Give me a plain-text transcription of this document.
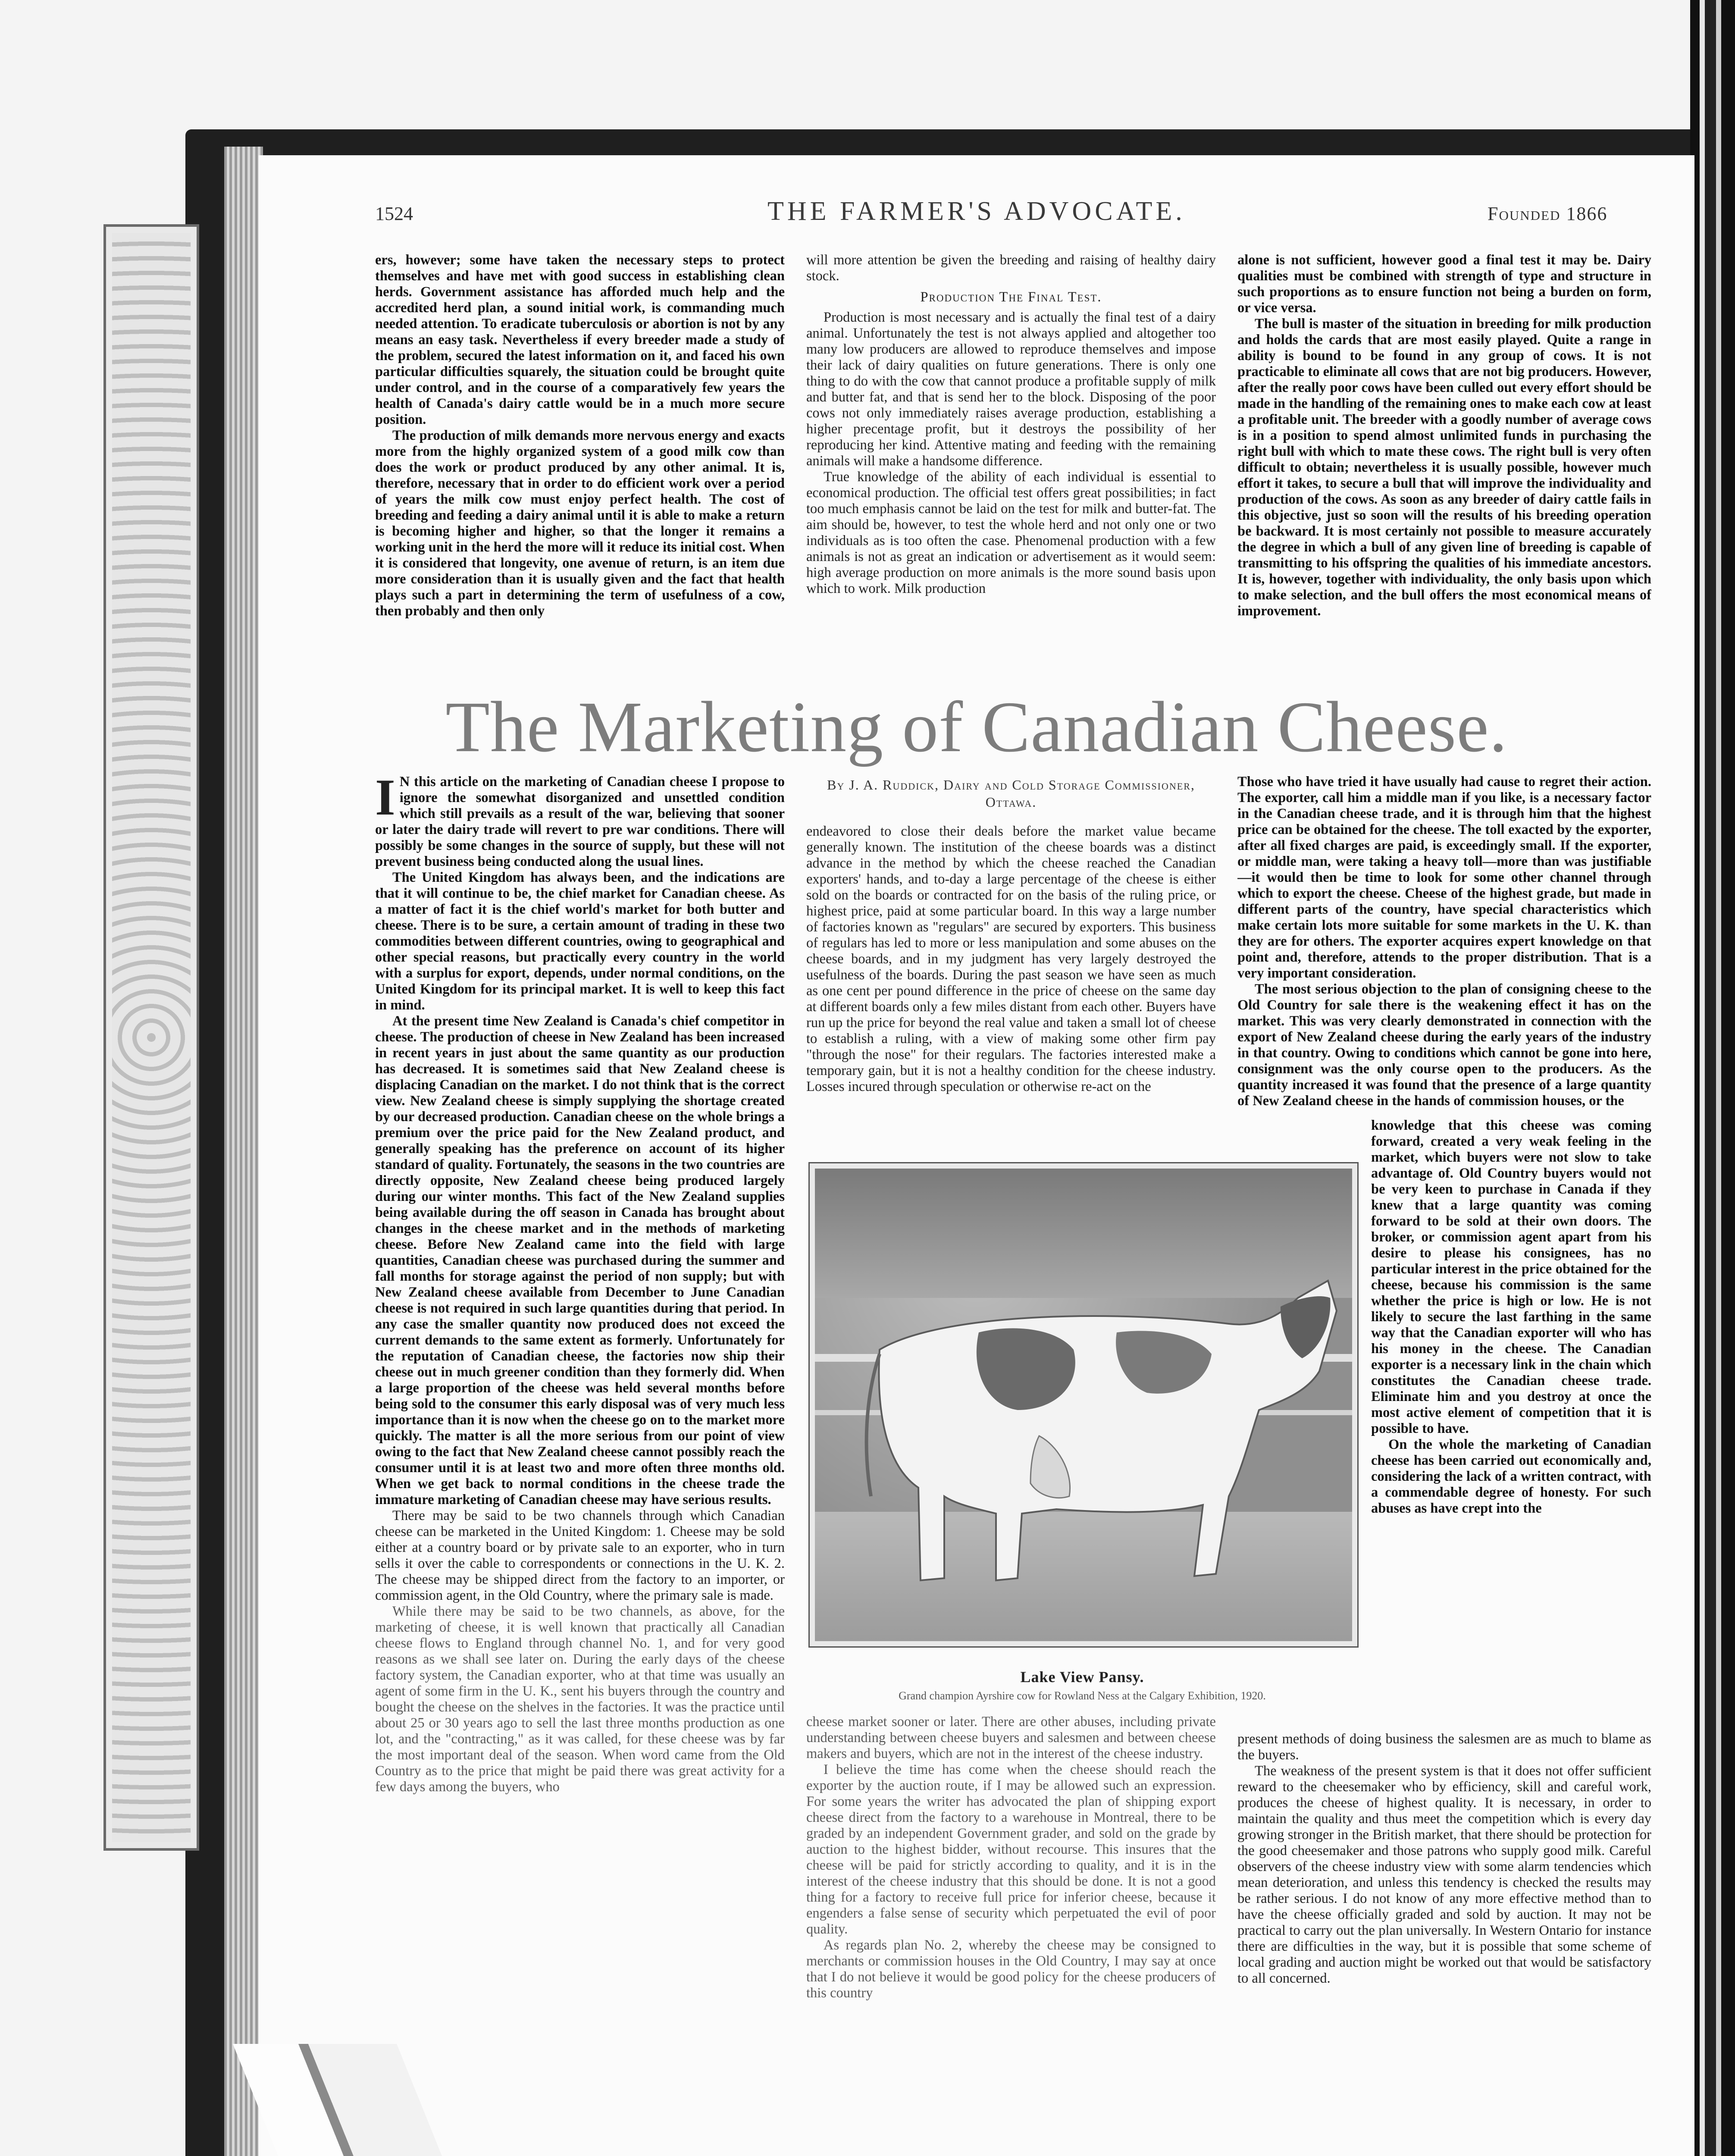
1524	THE FARMER'S ADVOCATE.	Founded 1866

ers, however; some have taken the necessary steps to protect themselves and have met with good success in establishing clean herds. Government assistance has afforded much help and the accredited herd plan, a sound initial work, is commanding much needed attention. To eradicate tuberculosis or abortion is not by any means an easy task. Nevertheless if every breeder made a study of the problem, secured the latest information on it, and faced his own particular difficulties squarely, the situation could be brought quite under control, and in the course of a comparatively few years the health of Canada's dairy cattle would be in a much more secure position.

The production of milk demands more nervous energy and exacts more from the highly organized system of a good milk cow than does the work or product produced by any other animal. It is, therefore, necessary that in order to do efficient work over a period of years the milk cow must enjoy perfect health. The cost of breeding and feeding a dairy animal until it is able to make a return is becoming higher and higher, so that the longer it remains a working unit in the herd the more will it reduce its initial cost. When it is considered that longevity, one avenue of return, is an item due more consideration than it is usually given and the fact that health plays such a part in determining the term of usefulness of a cow, then probably and then only

will more attention be given the breeding and raising of healthy dairy stock.

Production The Final Test.

Production is most necessary and is actually the final test of a dairy animal. Unfortunately the test is not always applied and altogether too many low producers are allowed to reproduce themselves and impose their lack of dairy qualities on future generations. There is only one thing to do with the cow that cannot produce a profitable supply of milk and butter fat, and that is send her to the block. Disposing of the poor cows not only immediately raises average production, establishing a higher precentage profit, but it destroys the possibility of her reproducing her kind. Attentive mating and feeding with the remaining animals will make a handsome difference.

True knowledge of the ability of each individual is essential to economical production. The official test offers great possibilities; in fact too much emphasis cannot be laid on the test for milk and butter-fat. The aim should be, however, to test the whole herd and not only one or two individuals as is too often the case. Phenomenal production with a few animals is not as great an indication or advertisement as it would seem: high average production on more animals is the more sound basis upon which to work. Milk production

alone is not sufficient, however good a final test it may be. Dairy qualities must be combined with strength of type and structure in such proportions as to ensure function not being a burden on form, or vice versa.

The bull is master of the situation in breeding for milk production and holds the cards that are most easily played. Quite a range in ability is bound to be found in any group of cows. It is not practicable to eliminate all cows that are not big producers. However, after the really poor cows have been culled out every effort should be made in the handling of the remaining ones to make each cow at least a profitable unit. The breeder with a goodly number of average cows is in a position to spend almost unlimited funds in purchasing the right bull with which to mate these cows. The right bull is very often difficult to obtain; nevertheless it is usually possible, however much effort it takes, to secure a bull that will improve the individuality and production of the cows. As soon as any breeder of dairy cattle fails in this objective, just so soon will the results of his breeding operation be backward. It is most certainly not possible to measure accurately the degree in which a bull of any given line of breeding is capable of transmitting to his offspring the qualities of his immediate ancestors. It is, however, together with individuality, the only basis upon which to make selection, and the bull offers the most economical means of improvement.

The Marketing of Canadian Cheese.

I N this article on the marketing of Canadian cheese I propose to ignore the somewhat disorganized and unsettled condition which still prevails as a result of the war, believing that sooner or later the dairy trade will revert to pre war conditions. There will possibly be some changes in the source of supply, but these will not prevent business being conducted along the usual lines.

The United Kingdom has always been, and the indications are that it will continue to be, the chief market for Canadian cheese. As a matter of fact it is the chief world's market for both butter and cheese. There is to be sure, a certain amount of trading in these two commodities between different countries, owing to geographical and other special reasons, but practically every country in the world with a surplus for export, depends, under normal conditions, on the United Kingdom for its principal market. It is well to keep this fact in mind.

At the present time New Zealand is Canada's chief competitor in cheese. The production of cheese in New Zealand has been increased in recent years in just about the same quantity as our production has decreased. It is sometimes said that New Zealand cheese is displacing Canadian on the market. I do not think that is the correct view. New Zealand cheese is simply supplying the shortage created by our decreased production. Canadian cheese on the whole brings a premium over the price paid for the New Zealand product, and generally speaking has the preference on account of its higher standard of quality. Fortunately, the seasons in the two countries are directly opposite, New Zealand cheese being produced largely during our winter months. This fact of the New Zealand supplies being available during the off season in Canada has brought about changes in the cheese market and in the methods of marketing cheese. Before New Zealand came into the field with large quantities, Canadian cheese was purchased during the summer and fall months for storage against the period of non supply; but with New Zealand cheese available from December to June Canadian cheese is not required in such large quantities during that period. In any case the smaller quantity now produced does not exceed the current demands to the same extent as formerly. Unfortunately for the reputation of Canadian cheese, the factories now ship their cheese out in much greener condition than they formerly did. When a large proportion of the cheese was held several months before being sold to the consumer this early disposal was of very much less importance than it is now when the cheese go on to the market more quickly. The matter is all the more serious from our point of view owing to the fact that New Zealand cheese cannot possibly reach the consumer until it is at least two and more often three months old. When we get back to normal conditions in the cheese trade the immature marketing of Canadian cheese may have serious results.

There may be said to be two channels through which Canadian cheese can be marketed in the United Kingdom: 1. Cheese may be sold either at a country board or by private sale to an exporter, who in turn sells it over the cable to correspondents or connections in the U. K. 2. The cheese may be shipped direct from the factory to an importer, or commission agent, in the Old Country, where the primary sale is made.

While there may be said to be two channels, as above, for the marketing of cheese, it is well known that practically all Canadian cheese flows to England through channel No. 1, and for very good reasons as we shall see later on. During the early days of the cheese factory system, the Canadian exporter, who at that time was usually an agent of some firm in the U. K., sent his buyers through the country and bought the cheese on the shelves in the factories. It was the practice until about 25 or 30 years ago to sell the last three months production as one lot, and the "contracting," as it was called, for these cheese was by far the most important deal of the season. When word came from the Old Country as to the price that might be paid there was great activity for a few days among the buyers, who

By J. A. Ruddick, Dairy and Cold Storage Commissioner, Ottawa.

endeavored to close their deals before the market value became generally known. The institution of the cheese boards was a distinct advance in the method by which the cheese reached the Canadian exporters' hands, and to-day a large percentage of the cheese is either sold on the boards or contracted for on the basis of the ruling price, or highest price, paid at some particular board. In this way a large number of factories known as "regulars" are secured by exporters. This business of regulars has led to more or less manipulation and some abuses on the cheese boards, and in my judgment has very largely destroyed the usefulness of the boards. During the past season we have seen as much as one cent per pound difference in the price of cheese on the same day at different boards only a few miles distant from each other. Buyers have run up the price for beyond the real value and taken a small lot of cheese to establish a ruling, with a view of making some other firm pay "through the nose" for their regulars. The factories interested make a temporary gain, but it is not a healthy condition for the cheese industry. Losses incured through speculation or otherwise re-act on the

Those who have tried it have usually had cause to regret their action. The exporter, call him a middle man if you like, is a necessary factor in the Canadian cheese trade, and it is through him that the highest price can be obtained for the cheese. The toll exacted by the exporter, after all fixed charges are paid, is exceedingly small. If the exporter, or middle man, were taking a heavy toll—more than was justifiable—it would then be time to look for some other channel through which to export the cheese. Cheese of the highest grade, but made in different parts of the country, have special characteristics which make certain lots more suitable for some markets in the U. K. than they are for others. The exporter acquires expert knowledge on that point and, therefore, attends to the proper distribution. That is a very important consideration.

The most serious objection to the plan of consigning cheese to the Old Country for sale there is the weakening effect it has on the market. This was very clearly demonstrated in connection with the export of New Zealand cheese during the early years of the industry in that country. Owing to conditions which cannot be gone into here, consignment was the only course open to the producers. As the quantity increased it was found that the presence of a large quantity of New Zealand cheese in the hands of commission houses, or the

knowledge that this cheese was coming forward, created a very weak feeling in the market, which buyers were not slow to take advantage of. Old Country buyers would not be very keen to purchase in Canada if they knew that a large quantity was coming forward to be sold at their own doors. The broker, or commission agent apart from his desire to please his consignees, has no particular interest in the price obtained for the cheese, because his commission is the same whether the price is high or low. He is not likely to secure the last farthing in the same way that the Canadian exporter will who has his money in the cheese. The Canadian exporter is a necessary link in the chain which constitutes the Canadian cheese trade. Eliminate him and you destroy at once the most active element of competition that it is possible to have.

On the whole the marketing of Canadian cheese has been carried out economically and, considering the lack of a written contract, with a commendable degree of honesty. For such abuses as have crept into the

Lake View Pansy.
Grand champion Ayrshire cow for Rowland Ness at the Calgary Exhibition, 1920.

cheese market sooner or later. There are other abuses, including private understanding between cheese buyers and salesmen and between cheese makers and buyers, which are not in the interest of the cheese industry.

I believe the time has come when the cheese should reach the exporter by the auction route, if I may be allowed such an expression. For some years the writer has advocated the plan of shipping export cheese direct from the factory to a warehouse in Montreal, there to be graded by an independent Government grader, and sold on the grade by auction to the highest bidder, without recourse. This insures that the cheese will be paid for strictly according to quality, and it is in the interest of the cheese industry that this should be done. It is not a good thing for a factory to receive full price for inferior cheese, because it engenders a false sense of security which perpetuated the evil of poor quality.

As regards plan No. 2, whereby the cheese may be consigned to merchants or commission houses in the Old Country, I may say at once that I do not believe it would be good policy for the cheese producers of this country

present methods of doing business the salesmen are as much to blame as the buyers.

The weakness of the present system is that it does not offer sufficient reward to the cheesemaker who by efficiency, skill and careful work, produces the cheese of highest quality. It is necessary, in order to maintain the quality and thus meet the competition which is every day growing stronger in the British market, that there should be protection for the good cheesemaker and those patrons who supply good milk. Careful observers of the cheese industry view with some alarm tendencies which mean deterioration, and unless this tendency is checked the results may be rather serious. I do not know of any more effective method than to have the cheese officially graded and sold by auction. It may not be practical to carry out the plan universally. In Western Ontario for instance there are difficulties in the way, but it is possible that some scheme of local grading and auction might be worked out that would be satisfactory to all concerned.
